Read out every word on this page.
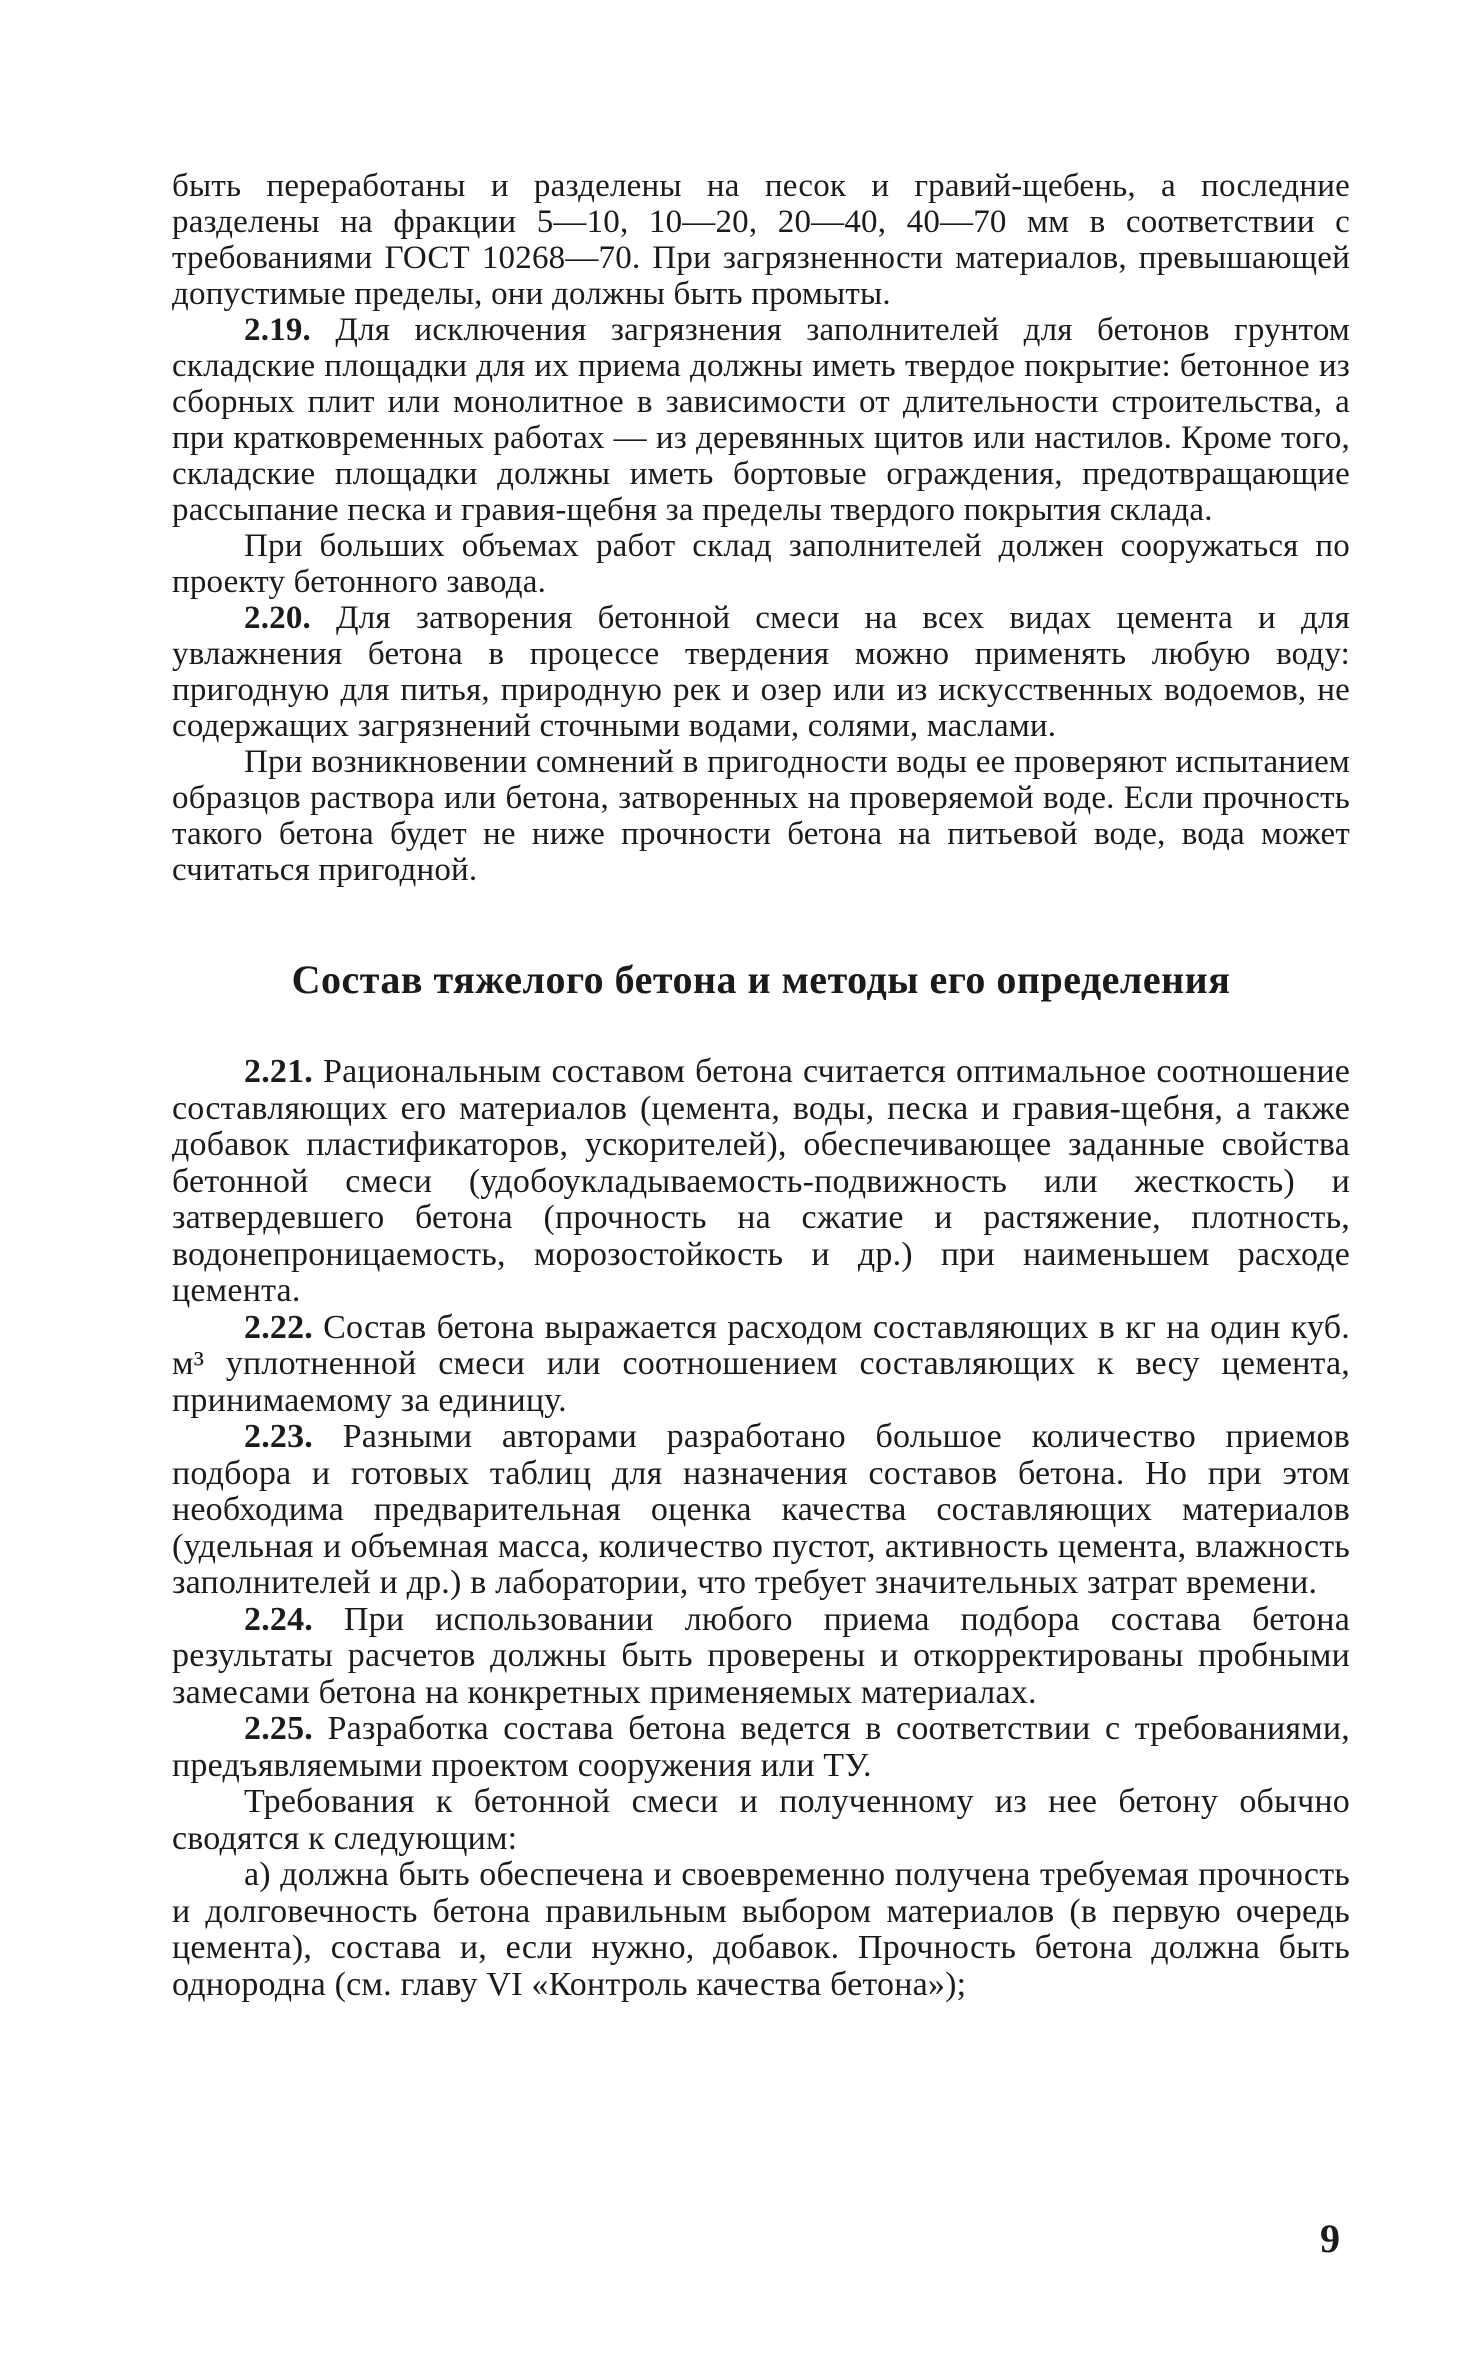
быть переработаны и разделены на песок и гравий-щебень, а последние разделены на фракции 5—10, 10—20, 20—40, 40—70 мм в соответствии с требованиями ГОСТ 10268—70. При загрязненности материалов, превышающей допустимые пределы, они должны быть промыты.

2.19. Для исключения загрязнения заполнителей для бетонов грунтом складские площадки для их приема должны иметь твердое покрытие: бетонное из сборных плит или монолитное в зависимости от длительности строительства, а при кратковременных работах — из деревянных щитов или настилов. Кроме того, складские площадки должны иметь бортовые ограждения, предотвращающие рассыпание песка и гравия-щебня за пределы твердого покрытия склада.

При больших объемах работ склад заполнителей должен сооружаться по проекту бетонного завода.

2.20. Для затворения бетонной смеси на всех видах цемента и для увлажнения бетона в процессе твердения можно применять любую воду: пригодную для питья, природную рек и озер или из искусственных водоемов, не содержащих загрязнений сточными водами, солями, маслами.

При возникновении сомнений в пригодности воды ее проверяют испытанием образцов раствора или бетона, затворенных на проверяемой воде. Если прочность такого бетона будет не ниже прочности бетона на питьевой воде, вода может считаться пригодной.

Состав тяжелого бетона и методы его определения

2.21. Рациональным составом бетона считается оптимальное соотношение составляющих его материалов (цемента, воды, песка и гравия-щебня, а также добавок пластификаторов, ускорителей), обеспечивающее заданные свойства бетонной смеси (удобоукладываемость-подвижность или жесткость) и затвердевшего бетона (прочность на сжатие и растяжение, плотность, водонепроницаемость, морозостойкость и др.) при наименьшем расходе цемента.

2.22. Состав бетона выражается расходом составляющих в кг на один куб. м³ уплотненной смеси или соотношением составляющих к весу цемента, принимаемому за единицу.

2.23. Разными авторами разработано большое количество приемов подбора и готовых таблиц для назначения составов бетона. Но при этом необходима предварительная оценка качества составляющих материалов (удельная и объемная масса, количество пустот, активность цемента, влажность заполнителей и др.) в лаборатории, что требует значительных затрат времени.

2.24. При использовании любого приема подбора состава бетона результаты расчетов должны быть проверены и откорректированы пробными замесами бетона на конкретных применяемых материалах.

2.25. Разработка состава бетона ведется в соответствии с требованиями, предъявляемыми проектом сооружения или ТУ.

Требования к бетонной смеси и полученному из нее бетону обычно сводятся к следующим:

а) должна быть обеспечена и своевременно получена требуемая прочность и долговечность бетона правильным выбором материалов (в первую очередь цемента), состава и, если нужно, добавок. Прочность бетона должна быть однородна (см. главу VI «Контроль качества бетона»);

9
